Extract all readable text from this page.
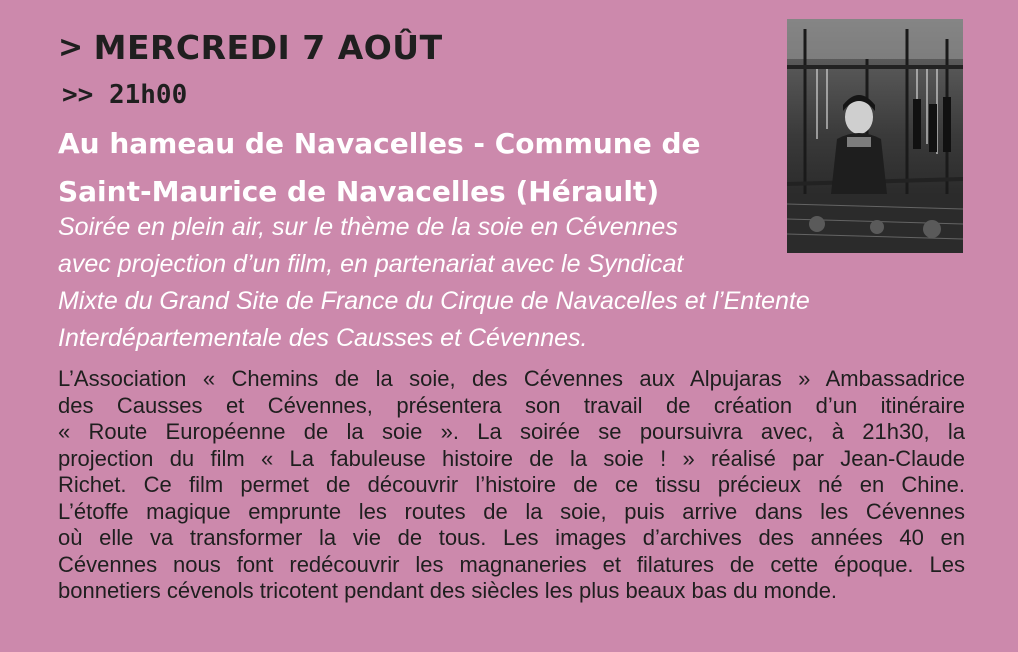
> MERCREDI 7 AOÛT
>> 21h00
Au hameau de Navacelles - Commune de
Saint-Maurice de Navacelles (Hérault)
Soirée en plein air, sur le thème de la soie en Cévennes
avec projection d’un film, en partenariat avec le Syndicat
Mixte du Grand Site de France du Cirque de Navacelles et l’Entente
Interdépartementale des Causses et Cévennes.
L’Association « Chemins de la soie, des Cévennes aux Alpujaras » Ambassadrice
des Causses et Cévennes, présentera son travail de création d’un itinéraire
« Route Européenne de la soie ». La soirée se poursuivra avec, à 21h30, la
projection du film « La fabuleuse histoire de la soie ! » réalisé par Jean-Claude
Richet. Ce film permet de découvrir l’histoire de ce tissu précieux né en Chine.
L’étoffe magique emprunte les routes de la soie, puis arrive dans les Cévennes
où elle va transformer la vie de tous. Les images d’archives des années 40 en
Cévennes nous font redécouvrir les magnaneries et filatures de cette époque. Les
bonnetiers cévenols tricotent pendant des siècles les plus beaux bas du monde.
